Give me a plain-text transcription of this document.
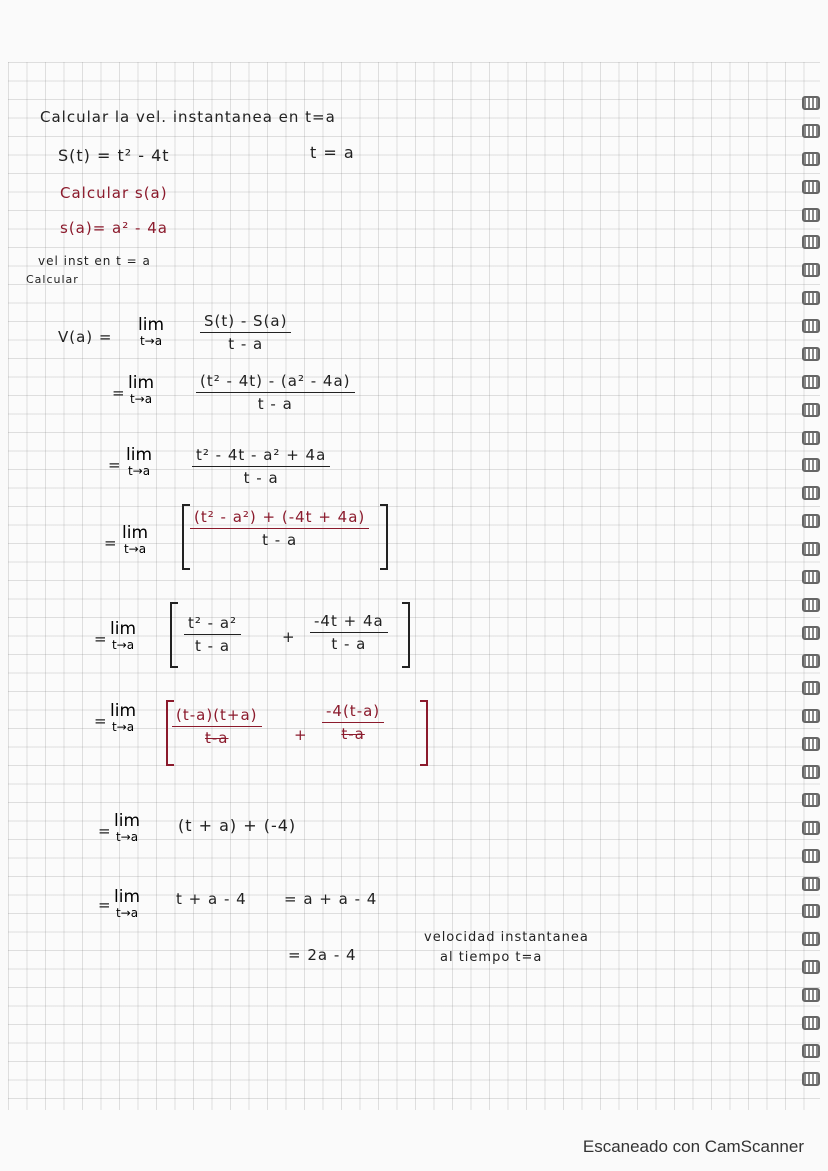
Calcular la vel. instantanea en t=a
S(t) = t² - 4t	t = a
Calcular s(a)
s(a)= a² - 4a
vel inst en t = a
Calcular
V(a) =
lim
t→a
S(t) - S(a)
t - a
= lim
t→a
(t² - 4t) - (a² - 4a)
t - a
= lim
t→a
t² - 4t - a² + 4a
t - a
= lim
t→a
(t² - a²) + (-4t + 4a)
t - a
= lim
t→a
t² - a²
t - a	+
-4t + 4a
t - a
= lim
t→a
(t-a)(t+a)
t-a	+
-4(t-a)
t-a
= lim
t→a
(t + a) + (-4)
= lim
t→a
t + a - 4 = a + a - 4
= 2a - 4
velocidad instantanea
al tiempo t=a
Escaneado con CamScanner
